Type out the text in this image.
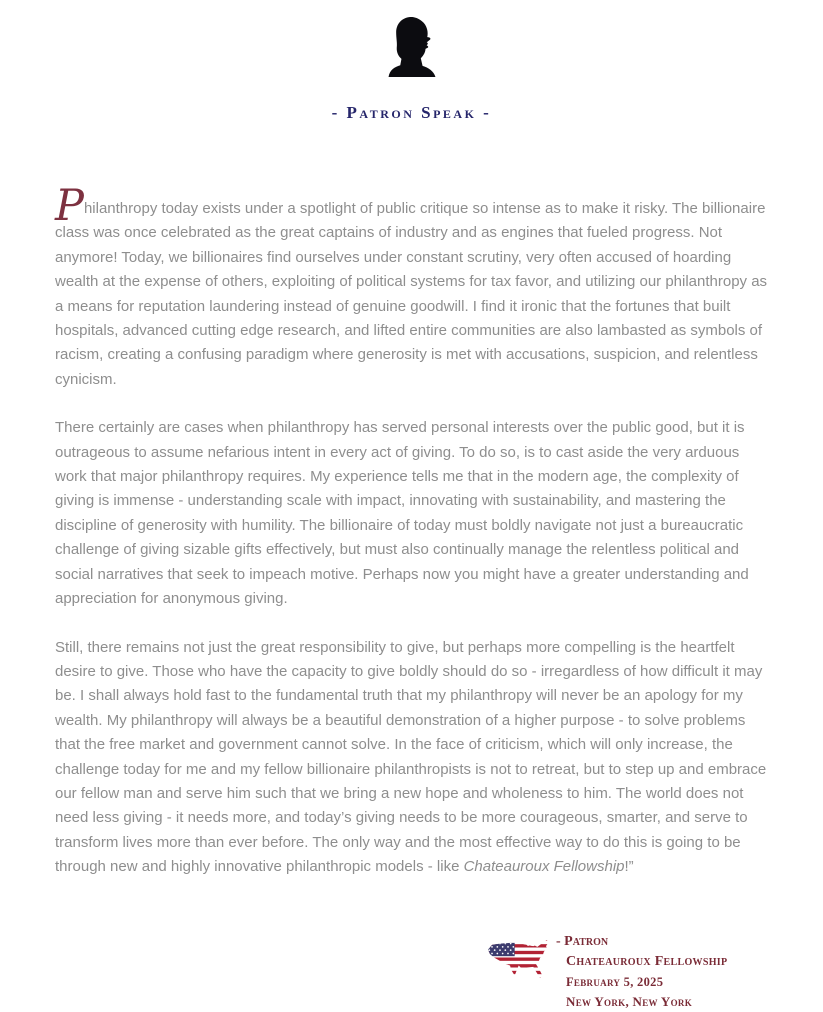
- Patron Speak -

Philanthropy today exists under a spotlight of public critique so intense as to make it risky. The billionaire class was once celebrated as the great captains of industry and as engines that fueled progress. Not anymore! Today, we billionaires find ourselves under constant scrutiny, very often accused of hoarding wealth at the expense of others, exploiting of political systems for tax favor, and utilizing our philanthropy as a means for reputation laundering instead of genuine goodwill. I find it ironic that the fortunes that built hospitals, advanced cutting edge research, and lifted entire communities are also lambasted as symbols of racism, creating a confusing paradigm where generosity is met with accusations, suspicion, and relentless cynicism.

There certainly are cases when philanthropy has served personal interests over the public good, but it is outrageous to assume nefarious intent in every act of giving. To do so, is to cast aside the very arduous work that major philanthropy requires. My experience tells me that in the modern age, the complexity of giving is immense - understanding scale with impact, innovating with sustainability, and mastering the discipline of generosity with humility. The billionaire of today must boldly navigate not just a bureaucratic challenge of giving sizable gifts effectively, but must also continually manage the relentless political and social narratives that seek to impeach motive. Perhaps now you might have a greater understanding and appreciation for anonymous giving.

Still, there remains not just the great responsibility to give, but perhaps more compelling is the heartfelt desire to give. Those who have the capacity to give boldly should do so - irregardless of how difficult it may be. I shall always hold fast to the fundamental truth that my philanthropy will never be an apology for my wealth. My philanthropy will always be a beautiful demonstration of a higher purpose - to solve problems that the free market and government cannot solve. In the face of criticism, which will only increase, the challenge today for me and my fellow billionaire philanthropists is not to retreat, but to step up and embrace our fellow man and serve him such that we bring a new hope and wholeness to him. The world does not need less giving - it needs more, and today’s giving needs to be more courageous, smarter, and serve to transform lives more than ever before. The only way and the most effective way to do this is going to be through new and highly innovative philanthropic models - like Chateauroux Fellowship!”

- Patron
Chateauroux Fellowship
February 5, 2025
New York, New York
